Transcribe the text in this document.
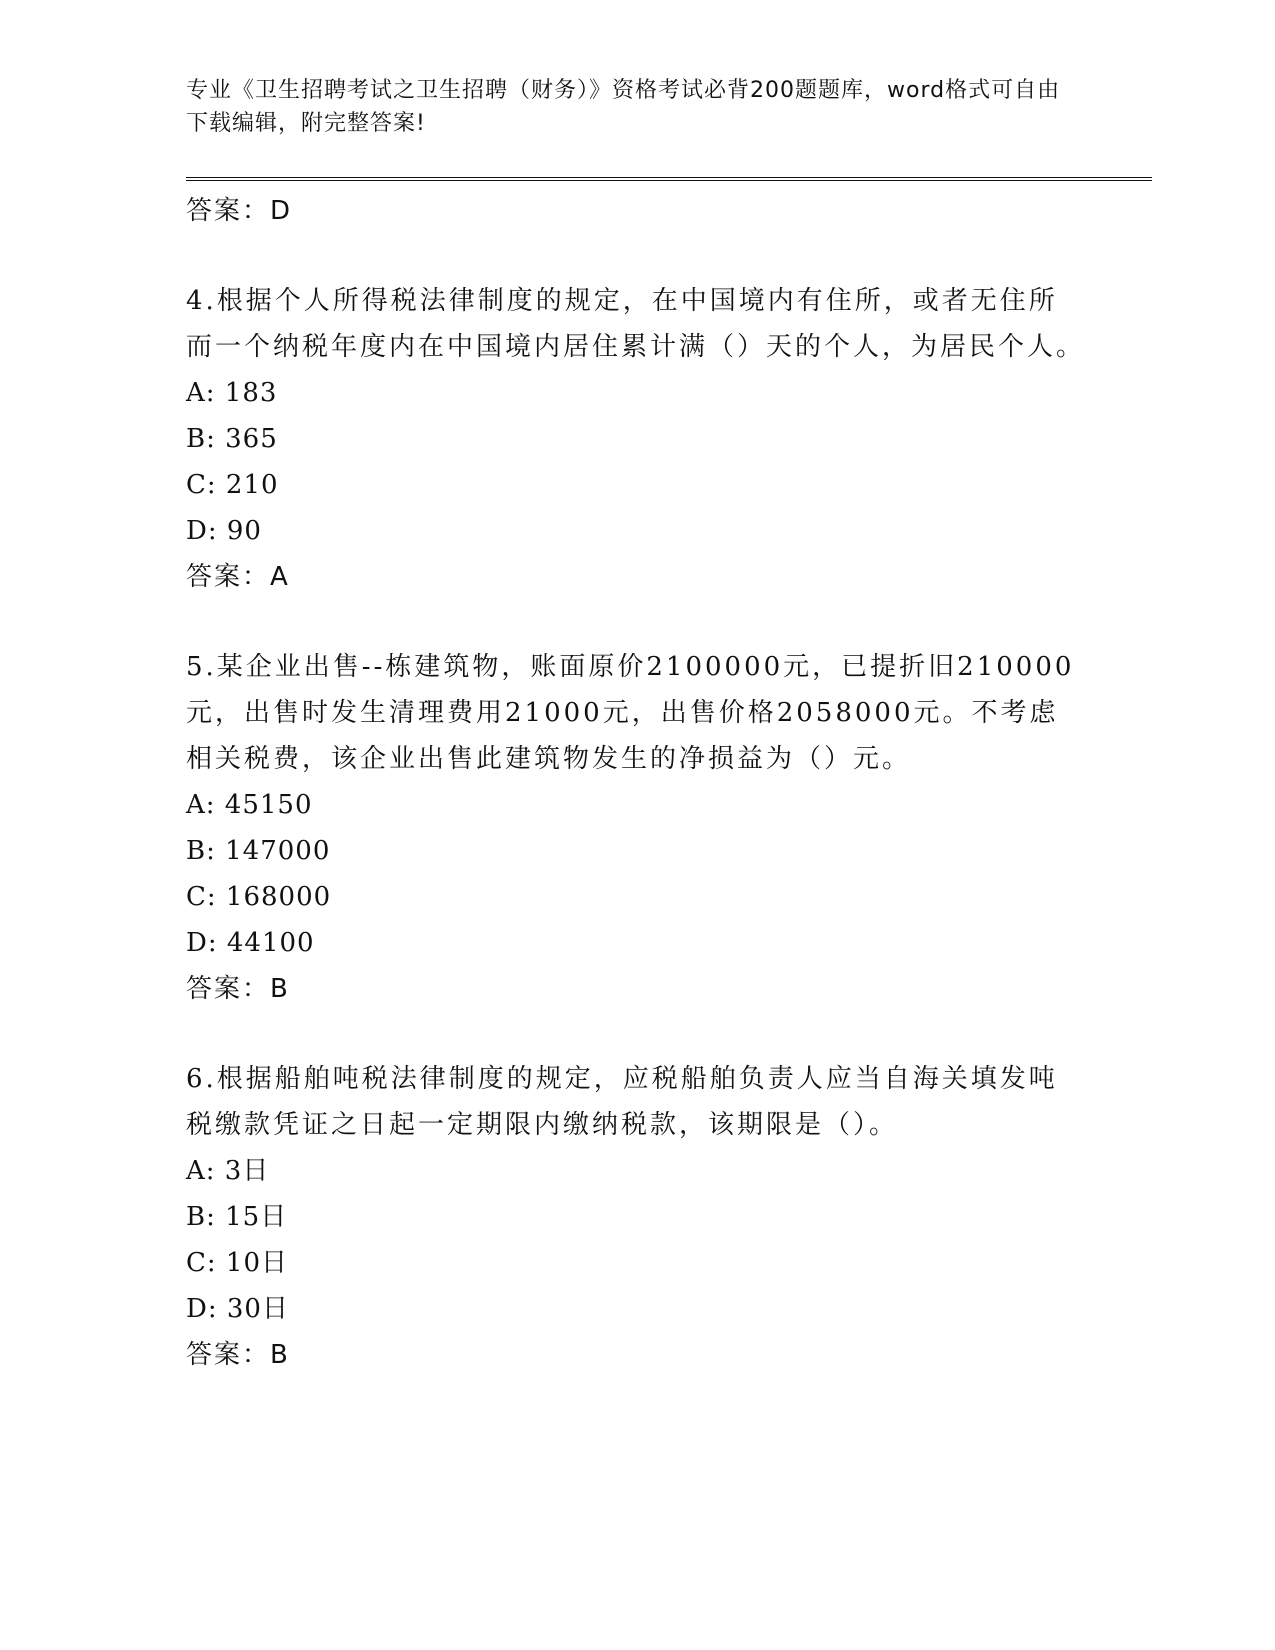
专业《卫生招聘考试之卫生招聘（财务）》资格考试必背200题题库，word格式可自由下载编辑，附完整答案!

答案：D

4.根据个人所得税法律制度的规定，在中国境内有住所，或者无住所而一个纳税年度内在中国境内居住累计满（）天的个人，为居民个人。

A: 183

B: 365

C: 210

D: 90

答案：A

5.某企业出售--栋建筑物，账面原价2100000元，已提折旧210000元，出售时发生清理费用21000元，出售价格2058000元。不考虑相关税费，该企业出售此建筑物发生的净损益为（）元。

A: 45150

B: 147000

C: 168000

D: 44100

答案：B

6.根据船舶吨税法律制度的规定，应税船舶负责人应当自海关填发吨税缴款凭证之日起一定期限内缴纳税款，该期限是（）。

A: 3日

B: 15日

C: 10日

D: 30日

答案：B
